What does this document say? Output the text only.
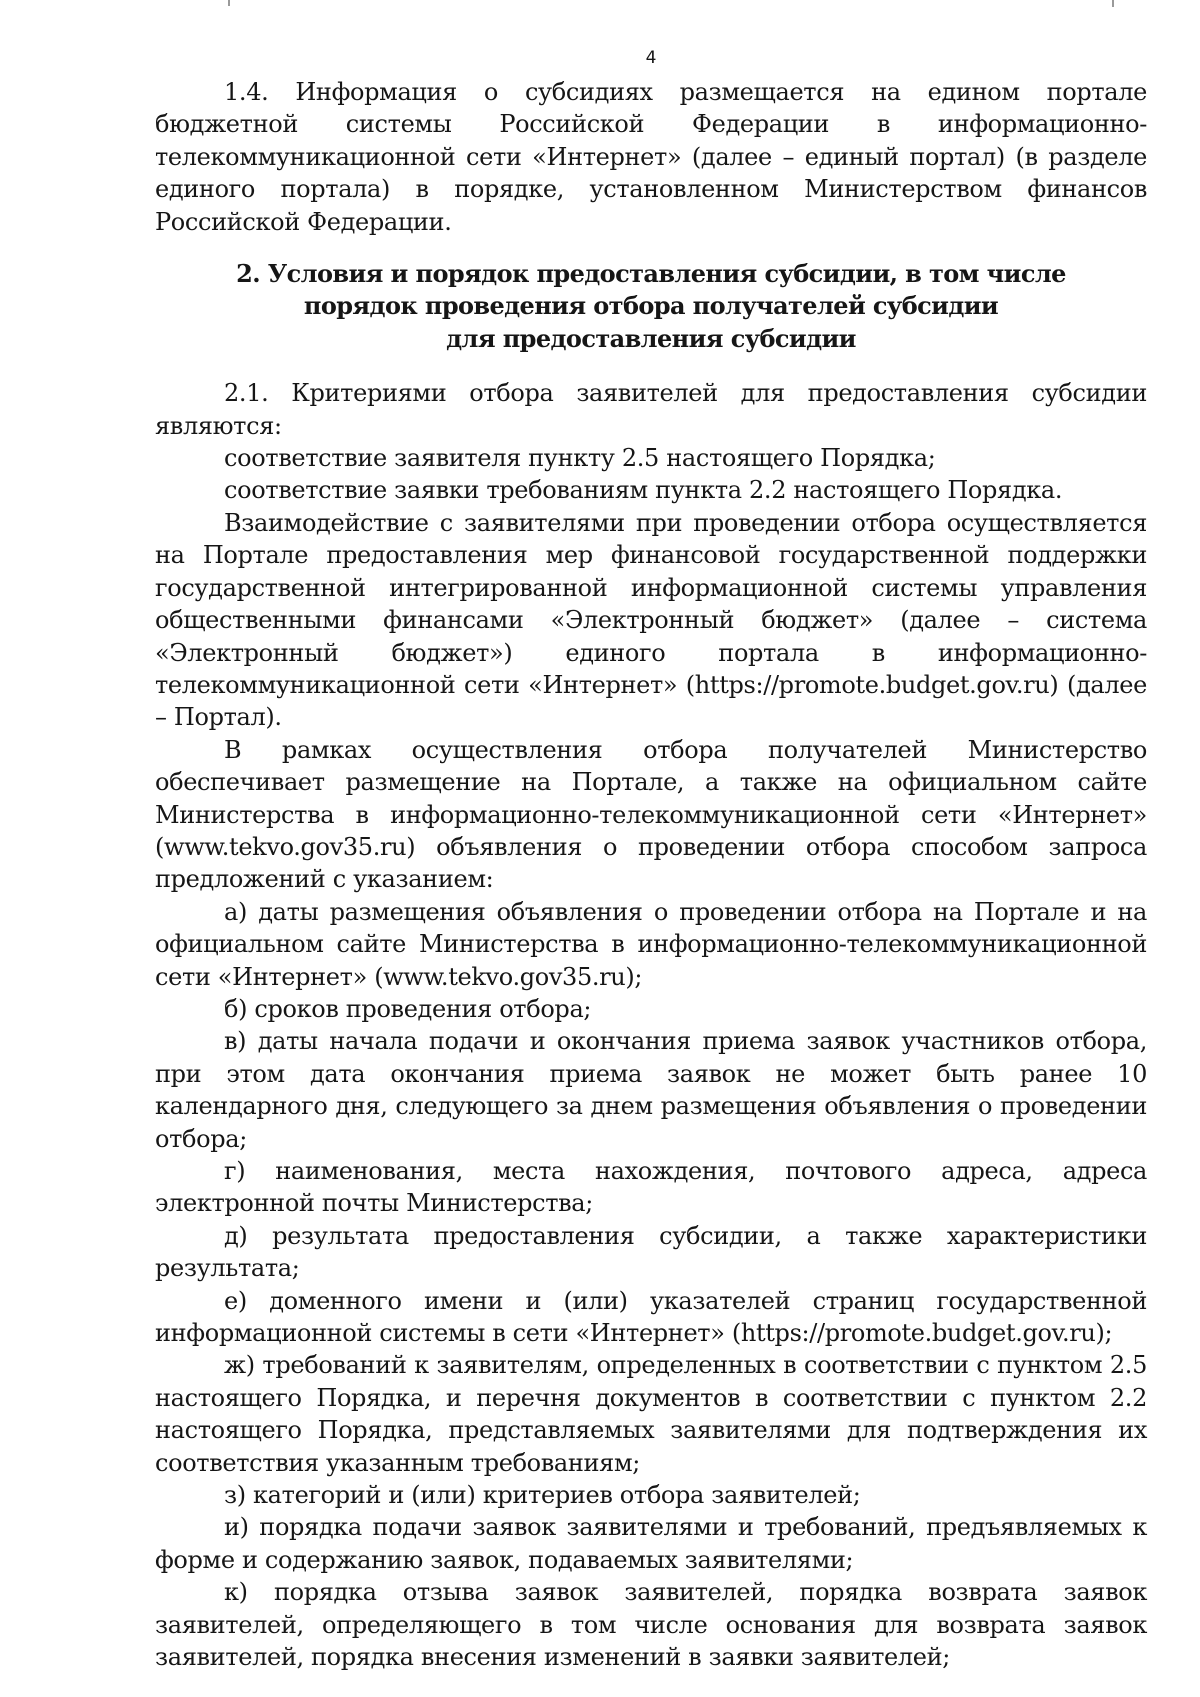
4

1.4. Информация о субсидиях размещается на едином портале бюджетной системы Российской Федерации в информационно-телекоммуникационной сети «Интернет» (далее – единый портал) (в разделе единого портала) в порядке, установленном Министерством финансов Российской Федерации.

2. Условия и порядок предоставления субсидии, в том числе
порядок проведения отбора получателей субсидии
для предоставления субсидии

2.1. Критериями отбора заявителей для предоставления субсидии являются:

соответствие заявителя пункту 2.5 настоящего Порядка;

соответствие заявки требованиям пункта 2.2 настоящего Порядка.

Взаимодействие с заявителями при проведении отбора осуществляется на Портале предоставления мер финансовой государственной поддержки государственной интегрированной информационной системы управления общественными финансами «Электронный бюджет» (далее – система «Электронный бюджет») единого портала в информационно-телекоммуникационной сети «Интернет» (https://promote.budget.gov.ru) (далее – Портал).

В рамках осуществления отбора получателей Министерство обеспечивает размещение на Портале, а также на официальном сайте Министерства в информационно-телекоммуникационной сети «Интернет» (www.tekvo.gov35.ru) объявления о проведении отбора способом запроса предложений с указанием:

а) даты размещения объявления о проведении отбора на Портале и на официальном сайте Министерства в информационно-телекоммуникационной сети «Интернет» (www.tekvo.gov35.ru);

б) сроков проведения отбора;

в) даты начала подачи и окончания приема заявок участников отбора, при этом дата окончания приема заявок не может быть ранее 10 календарного дня, следующего за днем размещения объявления о проведении отбора;

г) наименования, места нахождения, почтового адреса, адреса электронной почты Министерства;

д) результата предоставления субсидии, а также характеристики результата;

е) доменного имени и (или) указателей страниц государственной информационной системы в сети «Интернет» (https://promote.budget.gov.ru);

ж) требований к заявителям, определенных в соответствии с пунктом 2.5 настоящего Порядка, и перечня документов в соответствии с пунктом 2.2 настоящего Порядка, представляемых заявителями для подтверждения их соответствия указанным требованиям;

з) категорий и (или) критериев отбора заявителей;

и) порядка подачи заявок заявителями и требований, предъявляемых к форме и содержанию заявок, подаваемых заявителями;

к) порядка отзыва заявок заявителей, порядка возврата заявок заявителей, определяющего в том числе основания для возврата заявок заявителей, порядка внесения изменений в заявки заявителей;
